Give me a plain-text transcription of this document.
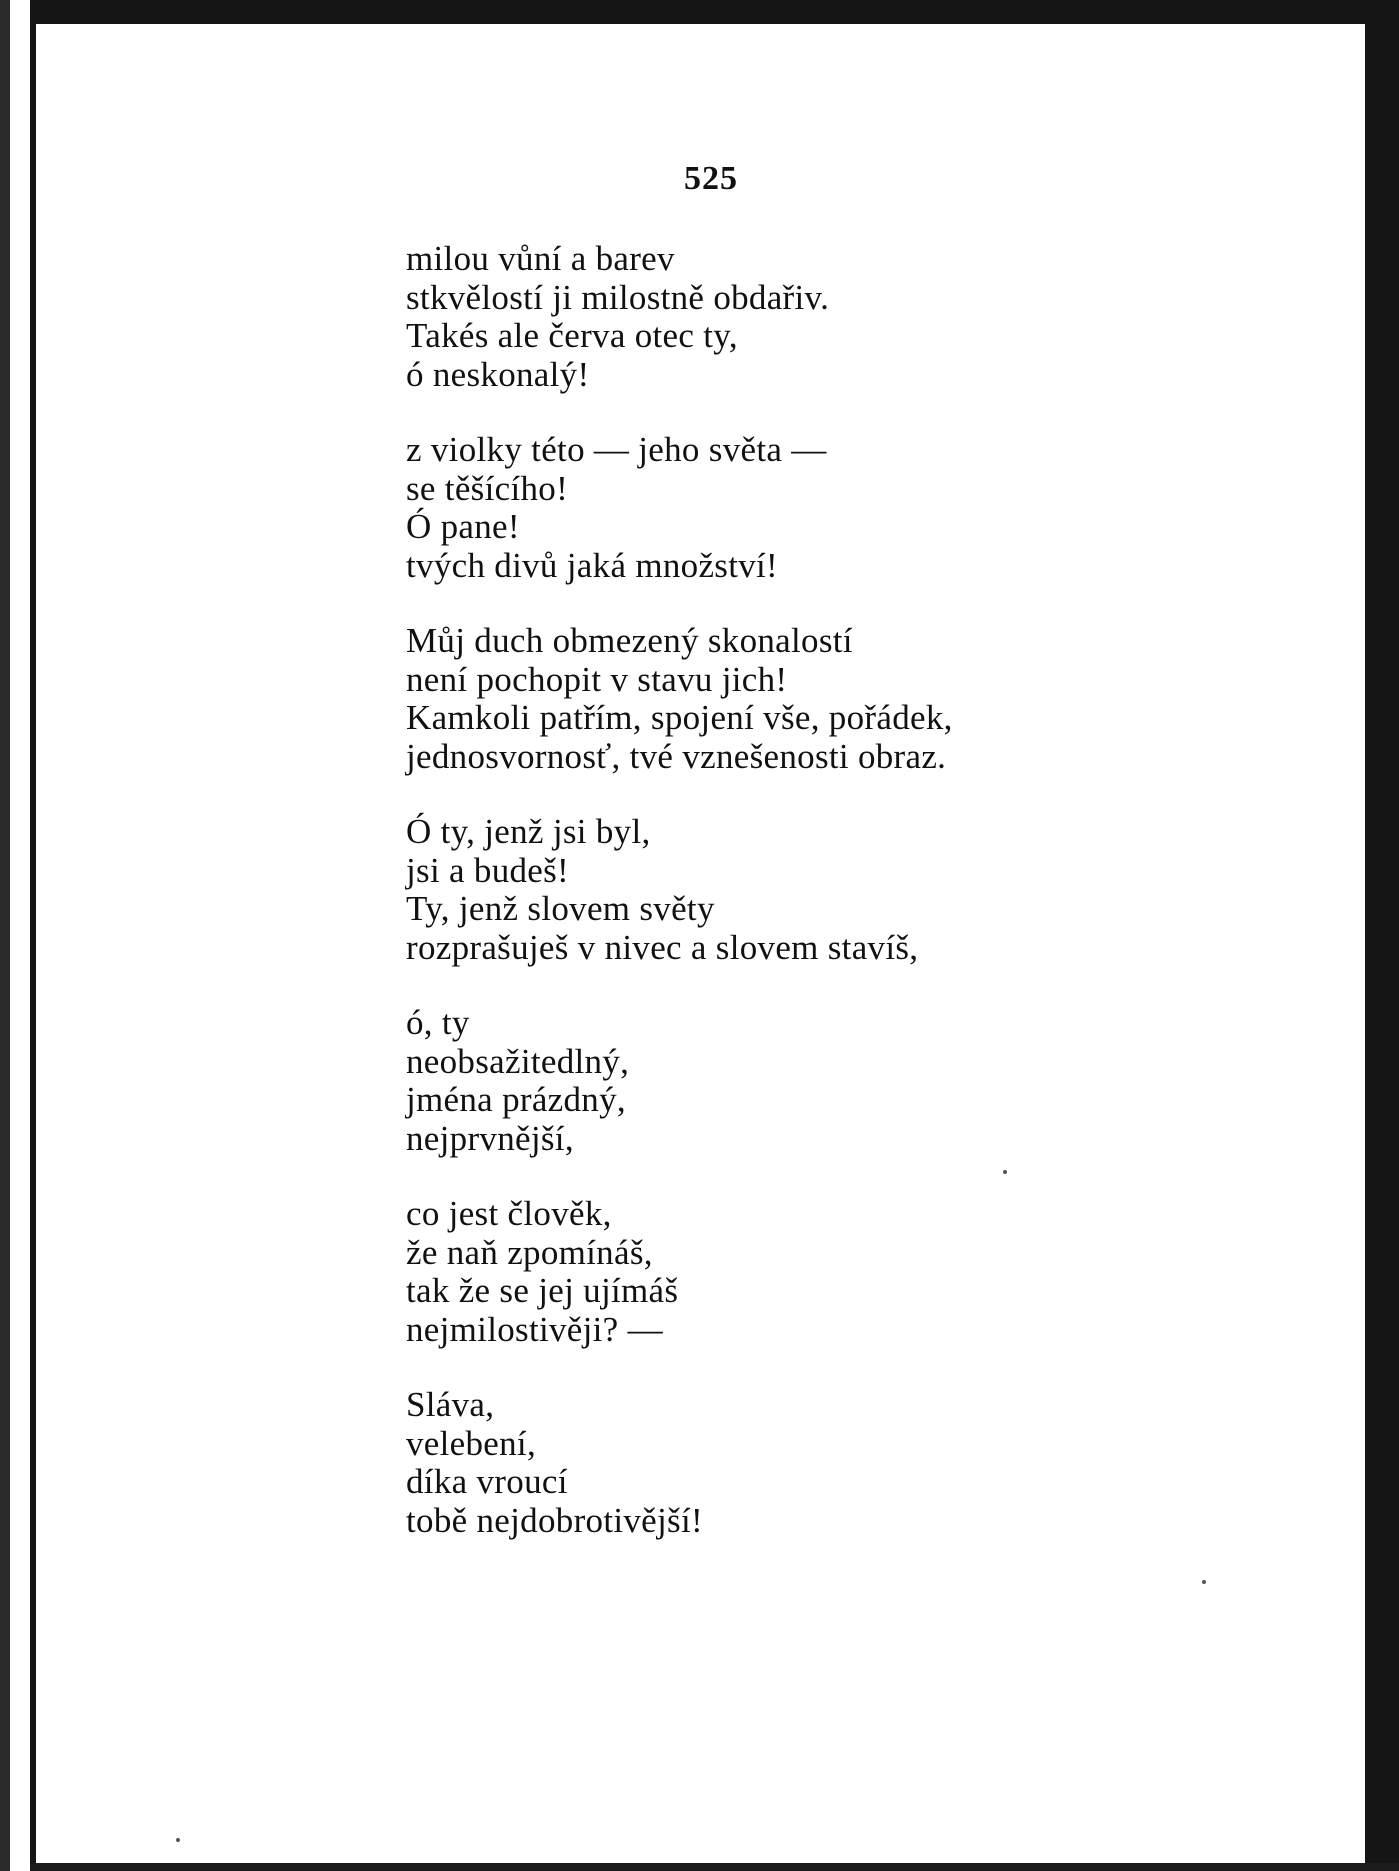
525
milou vůní a barev
stkvělostí ji milostně obdařiv.
Takés ale červa otec ty,
ó neskonalý!
z violky této — jeho světa —
se těšícího!
Ó pane!
tvých divů jaká množství!
Můj duch obmezený skonalostí
není pochopit v stavu jich!
Kamkoli patřím, spojení vše, pořádek,
jednosvornosť, tvé vznešenosti obraz.
Ó ty, jenž jsi byl,
jsi a budeš!
Ty, jenž slovem světy
rozprašuješ v nivec a slovem stavíš,
ó, ty
neobsažitedlný,
jména prázdný,
nejprvnější,
co jest člověk,
že naň zpomínáš,
tak že se jej ujímáš
nejmilostivěji? —
Sláva,
velebení,
díka vroucí
tobě nejdobrotivější!
